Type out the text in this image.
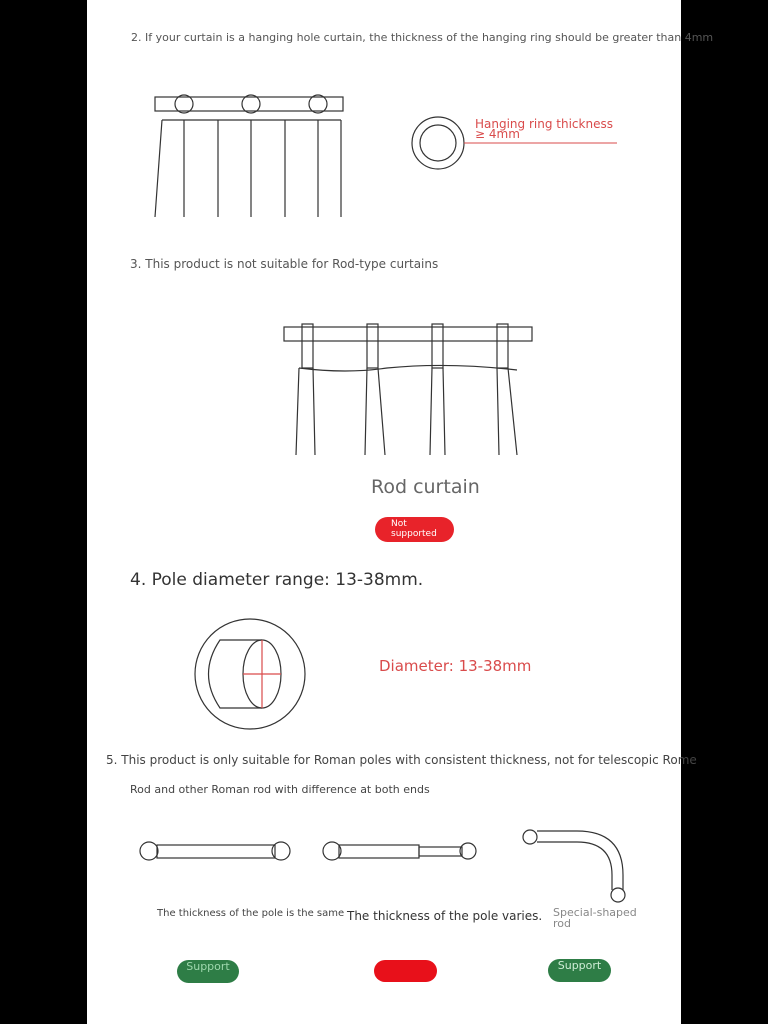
2. If your curtain is a hanging hole curtain, the thickness of the hanging ring should be greater than 4mm
Hanging ring thickness ≥ 4mm
3. This product is not suitable for Rod-type curtains
Rod curtain
Not supported
4. Pole diameter range: 13-38mm.
Diameter: 13-38mm
5. This product is only suitable for Roman poles with consistent thickness, not for telescopic Rome
Rod and other Roman rod with difference at both ends
The thickness of the pole is the same The thickness of the pole varies. Special-shaped rod
Support	Support
